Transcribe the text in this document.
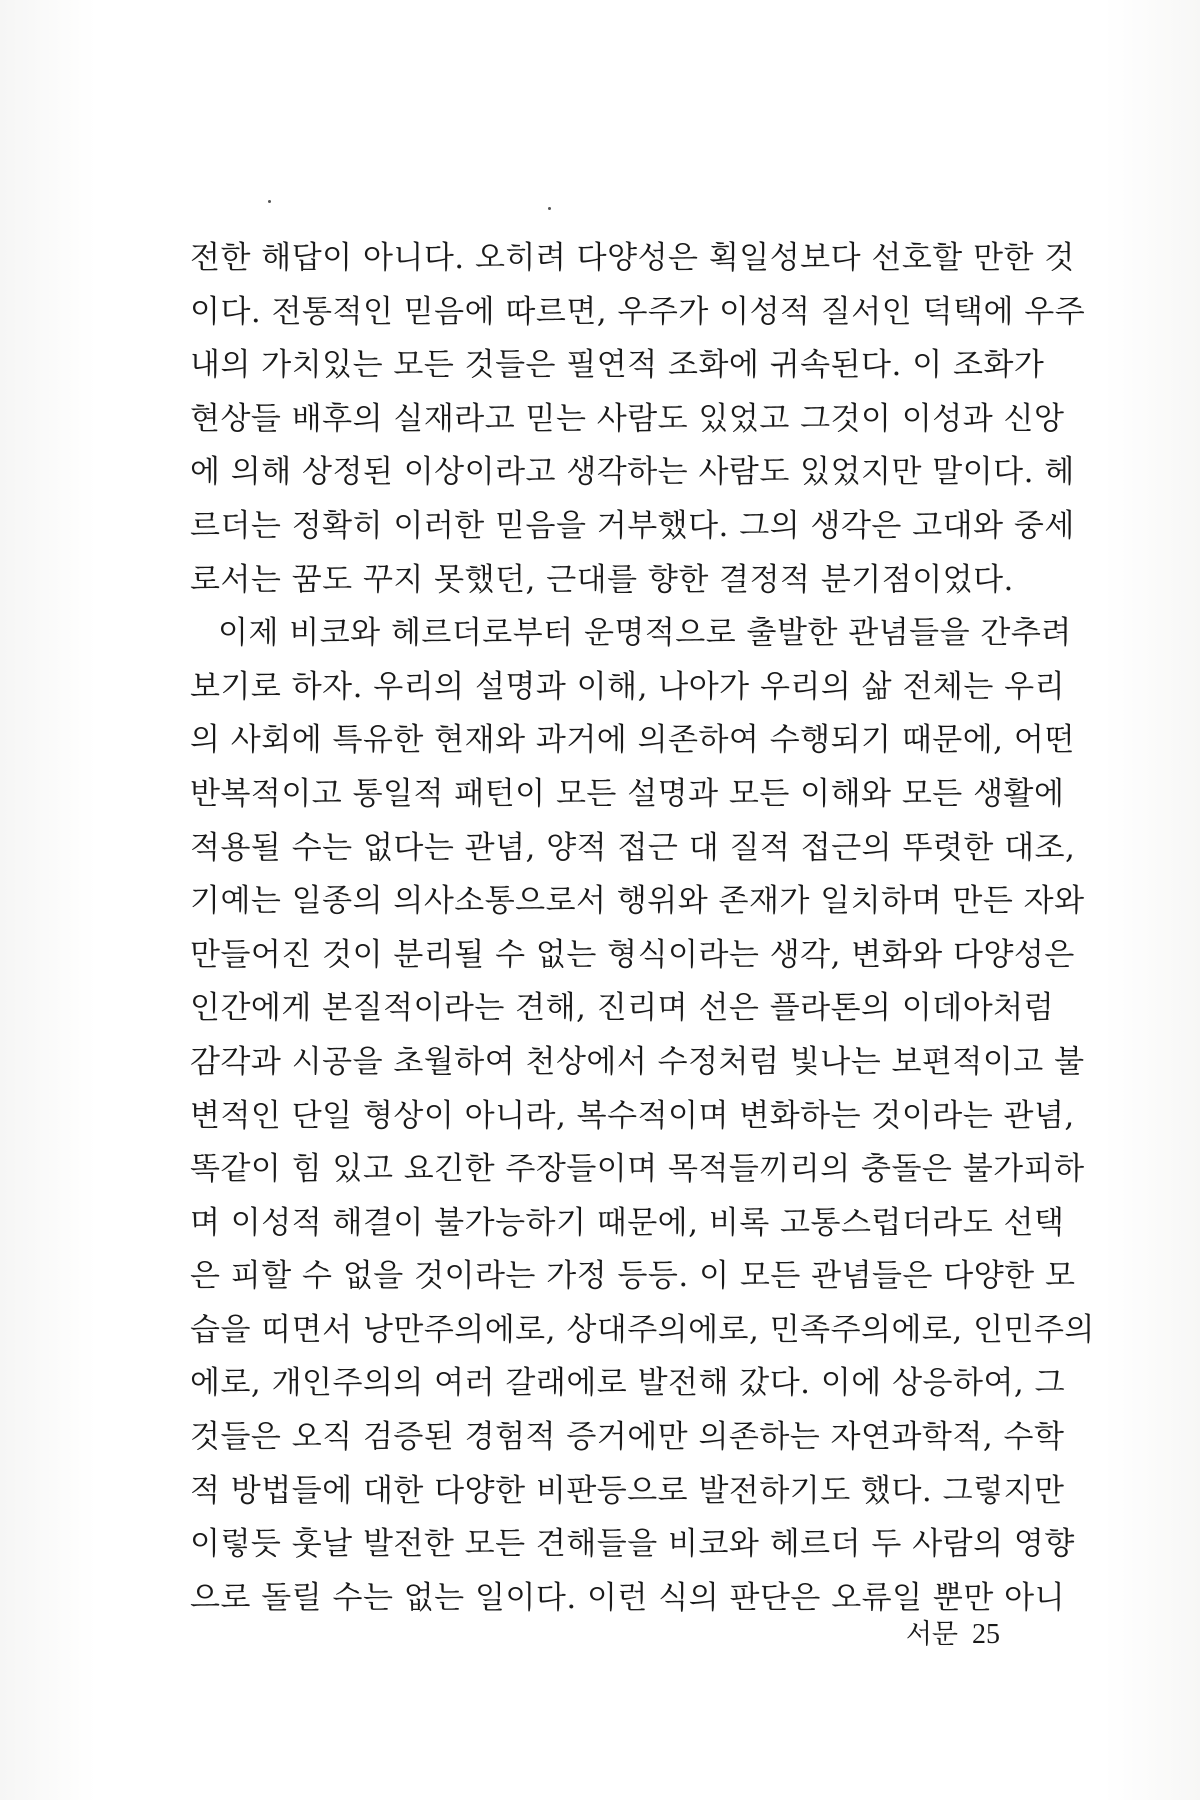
전한 해답이 아니다. 오히려 다양성은 획일성보다 선호할 만한 것
이다. 전통적인 믿음에 따르면, 우주가 이성적 질서인 덕택에 우주
내의 가치있는 모든 것들은 필연적 조화에 귀속된다. 이 조화가
현상들 배후의 실재라고 믿는 사람도 있었고 그것이 이성과 신앙
에 의해 상정된 이상이라고 생각하는 사람도 있었지만 말이다. 헤
르더는 정확히 이러한 믿음을 거부했다. 그의 생각은 고대와 중세
로서는 꿈도 꾸지 못했던, 근대를 향한 결정적 분기점이었다.
이제 비코와 헤르더로부터 운명적으로 출발한 관념들을 간추려
보기로 하자. 우리의 설명과 이해, 나아가 우리의 삶 전체는 우리
의 사회에 특유한 현재와 과거에 의존하여 수행되기 때문에, 어떤
반복적이고 통일적 패턴이 모든 설명과 모든 이해와 모든 생활에
적용될 수는 없다는 관념, 양적 접근 대 질적 접근의 뚜렷한 대조,
기예는 일종의 의사소통으로서 행위와 존재가 일치하며 만든 자와
만들어진 것이 분리될 수 없는 형식이라는 생각, 변화와 다양성은
인간에게 본질적이라는 견해, 진리며 선은 플라톤의 이데아처럼
감각과 시공을 초월하여 천상에서 수정처럼 빛나는 보편적이고 불
변적인 단일 형상이 아니라, 복수적이며 변화하는 것이라는 관념,
똑같이 힘 있고 요긴한 주장들이며 목적들끼리의 충돌은 불가피하
며 이성적 해결이 불가능하기 때문에, 비록 고통스럽더라도 선택
은 피할 수 없을 것이라는 가정 등등. 이 모든 관념들은 다양한 모
습을 띠면서 낭만주의에로, 상대주의에로, 민족주의에로, 인민주의
에로, 개인주의의 여러 갈래에로 발전해 갔다. 이에 상응하여, 그
것들은 오직 검증된 경험적 증거에만 의존하는 자연과학적, 수학
적 방법들에 대한 다양한 비판등으로 발전하기도 했다. 그렇지만
이렇듯 훗날 발전한 모든 견해들을 비코와 헤르더 두 사람의 영향
으로 돌릴 수는 없는 일이다. 이런 식의 판단은 오류일 뿐만 아니
서문 25
